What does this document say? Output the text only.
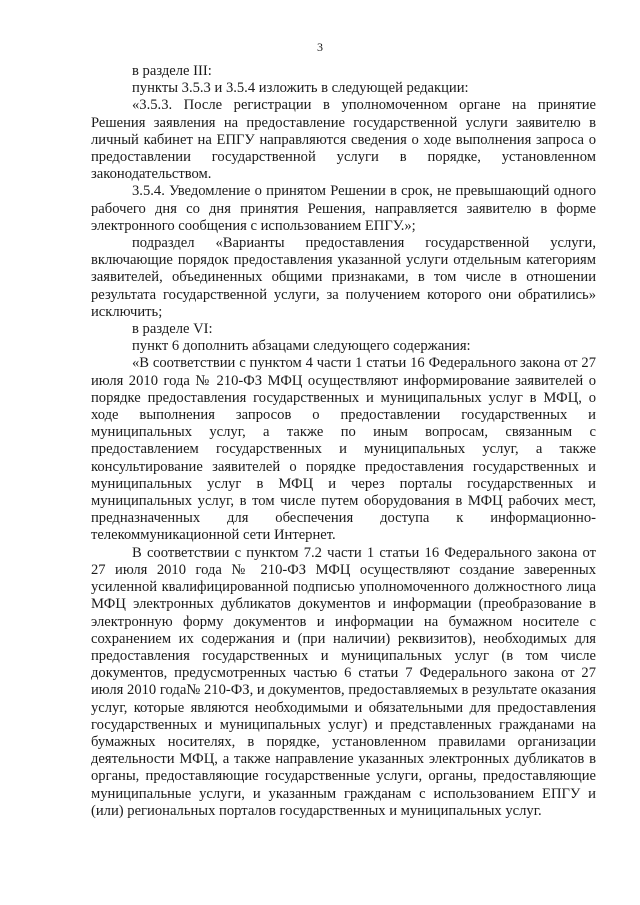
3

в разделе III:

пункты 3.5.3 и 3.5.4 изложить в следующей редакции:

«3.5.3. После регистрации в уполномоченном органе на принятие Решения заявления на предоставление государственной услуги заявителю в личный кабинет на ЕПГУ направляются сведения о ходе выполнения запроса о предоставлении государственной услуги в порядке, установленном законодательством.

3.5.4. Уведомление о принятом Решении в срок, не превышающий одного рабочего дня со дня принятия Решения, направляется заявителю в форме электронного сообщения с использованием ЕПГУ.»;

подраздел «Варианты предоставления государственной услуги, включающие порядок предоставления указанной услуги отдельным категориям заявителей, объединенных общими признаками, в том числе в отношении результата государственной услуги, за получением которого они обратились» исключить;

в разделе VI:

пункт 6 дополнить абзацами следующего содержания:

«В соответствии с пунктом 4 части 1 статьи 16 Федерального закона от 27 июля 2010 года № 210-ФЗ МФЦ осуществляют информирование заявителей о порядке предоставления государственных и муниципальных услуг в МФЦ, о ходе выполнения запросов о предоставлении государственных и муниципальных услуг, а также по иным вопросам, связанным с предоставлением государственных и муниципальных услуг, а также консультирование заявителей о порядке предоставления государственных и муниципальных услуг в МФЦ и через порталы государственных и муниципальных услуг, в том числе путем оборудования в МФЦ рабочих мест, предназначенных для обеспечения доступа к информационно-телекоммуникационной сети Интернет.

В соответствии с пунктом 7.2 части 1 статьи 16 Федерального закона от 27 июля 2010 года № 210-ФЗ МФЦ осуществляют создание заверенных усиленной квалифицированной подписью уполномоченного должностного лица МФЦ электронных дубликатов документов и информации (преобразование в электронную форму документов и информации на бумажном носителе с сохранением их содержания и (при наличии) реквизитов), необходимых для предоставления государственных и муниципальных услуг (в том числе документов, предусмотренных частью 6 статьи 7 Федерального закона от 27 июля 2010 года№ 210-ФЗ, и документов, предоставляемых в результате оказания услуг, которые являются необходимыми и обязательными для предоставления государственных и муниципальных услуг) и представленных гражданами на бумажных носителях, в порядке, установленном правилами организации деятельности МФЦ, а также направление указанных электронных дубликатов в органы, предоставляющие государственные услуги, органы, предоставляющие муниципальные услуги, и указанным гражданам с использованием ЕПГУ и (или) региональных порталов государственных и муниципальных услуг.
